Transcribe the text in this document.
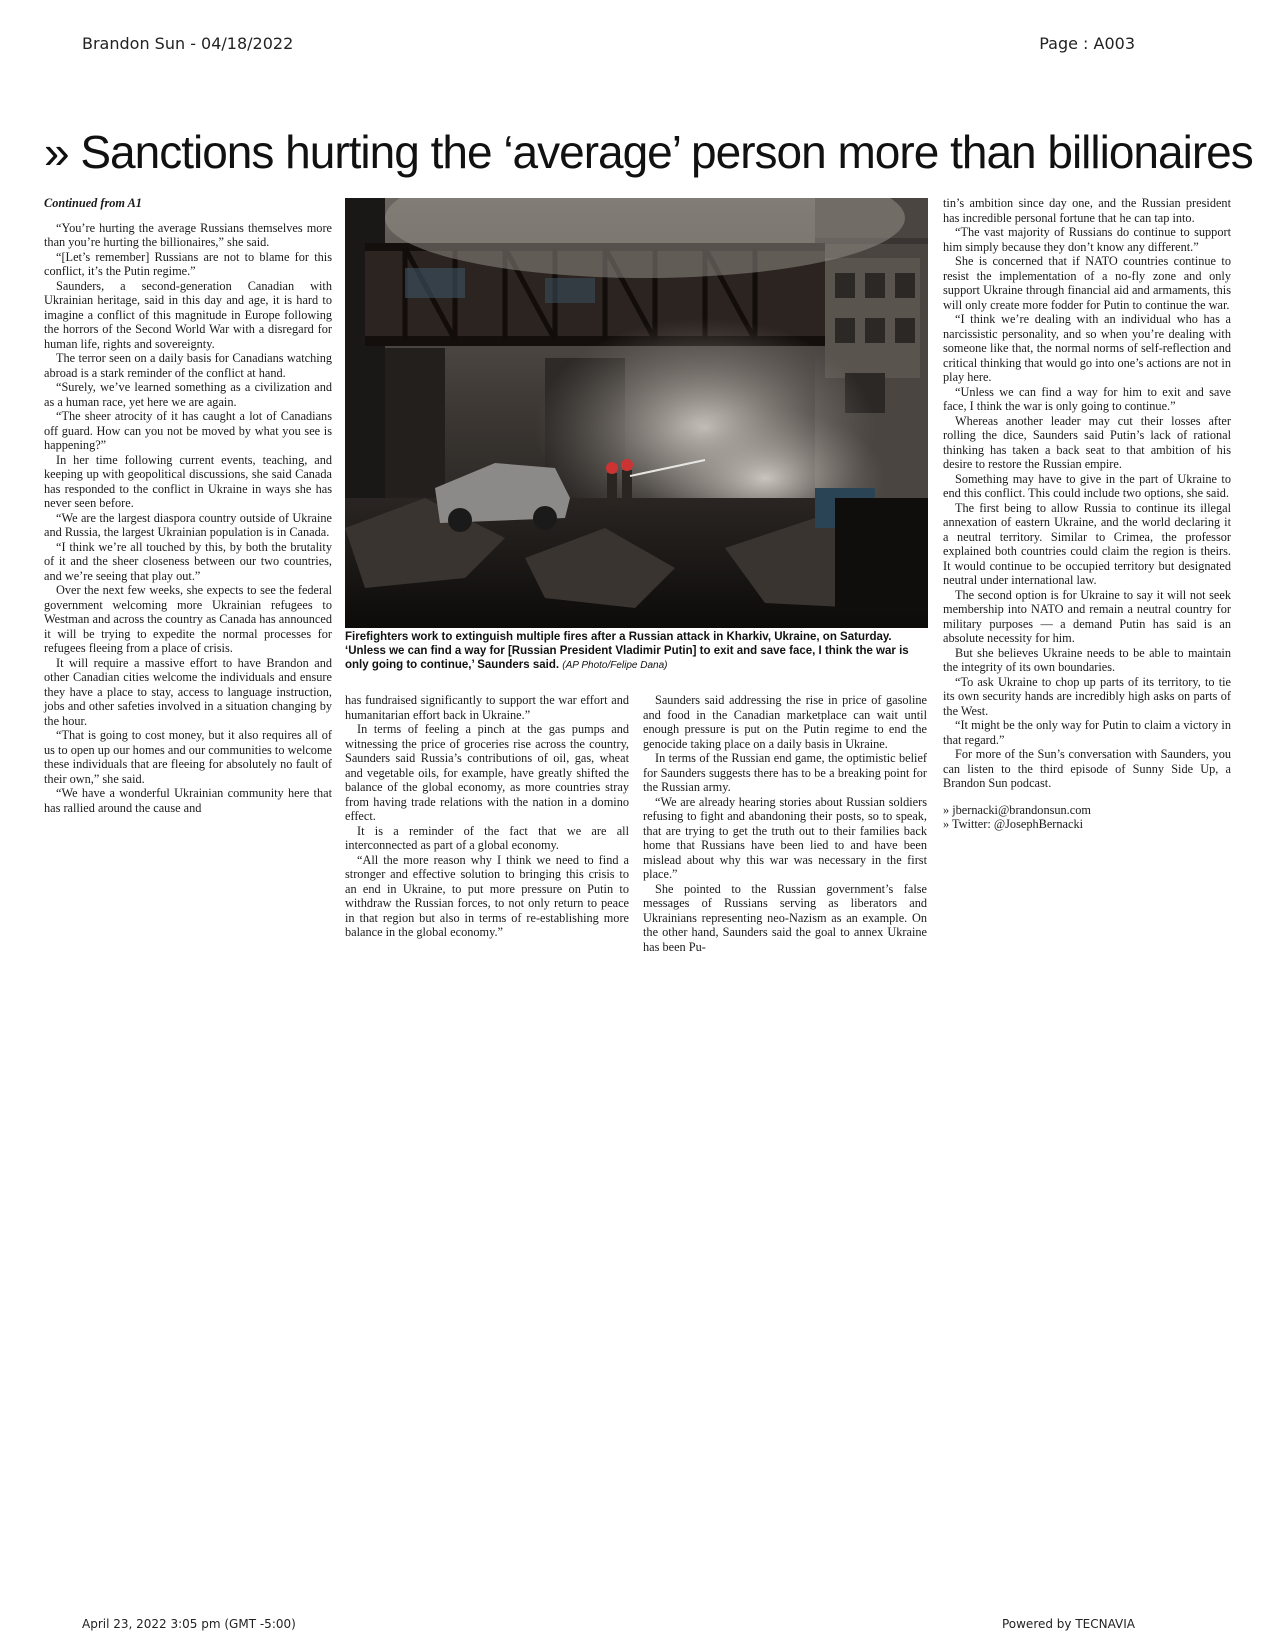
Brandon Sun - 04/18/2022	Page : A003
» Sanctions hurting the ‘average’ person more than billionaires

Continued from A1

“You’re hurting the average Russians themselves more than you’re hurting the billionaires,” she said.

“[Let’s remember] Russians are not to blame for this conflict, it’s the Putin regime.”

Saunders, a second-generation Canadian with Ukrainian heritage, said in this day and age, it is hard to imagine a conflict of this magnitude in Europe following the horrors of the Second World War with a disregard for human life, rights and sovereignty.

The terror seen on a daily basis for Canadians watching abroad is a stark reminder of the conflict at hand.

“Surely, we’ve learned something as a civilization and as a human race, yet here we are again.

“The sheer atrocity of it has caught a lot of Canadians off guard. How can you not be moved by what you see is happening?”

In her time following current events, teaching, and keeping up with geopolitical discussions, she said Canada has responded to the conflict in Ukraine in ways she has never seen before.

“We are the largest diaspora country outside of Ukraine and Russia, the largest Ukrainian population is in Canada.

“I think we’re all touched by this, by both the brutality of it and the sheer closeness between our two countries, and we’re seeing that play out.”

Over the next few weeks, she expects to see the federal government welcoming more Ukrainian refugees to Westman and across the country as Canada has announced it will be trying to expedite the normal processes for refugees fleeing from a place of crisis.

It will require a massive effort to have Brandon and other Canadian cities welcome the individuals and ensure they have a place to stay, access to language instruction, jobs and other safeties involved in a situation changing by the hour.

“That is going to cost money, but it also requires all of us to open up our homes and our communities to welcome these individuals that are fleeing for absolutely no fault of their own,” she said.

“We have a wonderful Ukrainian community here that has rallied around the cause and

Firefighters work to extinguish multiple fires after a Russian attack in Kharkiv, Ukraine, on Saturday. ‘Unless we can find a way for [Russian President Vladimir Putin] to exit and save face, I think the war is only going to continue,’ Saunders said. (AP Photo/Felipe Dana)

has fundraised significantly to support the war effort and humanitarian effort back in Ukraine.”

In terms of feeling a pinch at the gas pumps and witnessing the price of groceries rise across the country, Saunders said Russia’s contributions of oil, gas, wheat and vegetable oils, for example, have greatly shifted the balance of the global economy, as more countries stray from having trade relations with the nation in a domino effect.

It is a reminder of the fact that we are all interconnected as part of a global economy.

“All the more reason why I think we need to find a stronger and effective solution to bringing this crisis to an end in Ukraine, to put more pressure on Putin to withdraw the Russian forces, to not only return to peace in that region but also in terms of re-establishing more balance in the global economy.”

Saunders said addressing the rise in price of gasoline and food in the Canadian marketplace can wait until enough pressure is put on the Putin regime to end the genocide taking place on a daily basis in Ukraine.

In terms of the Russian end game, the optimistic belief for Saunders suggests there has to be a breaking point for the Russian army.

“We are already hearing stories about Russian soldiers refusing to fight and abandoning their posts, so to speak, that are trying to get the truth out to their families back home that Russians have been lied to and have been mislead about why this war was necessary in the first place.”

She pointed to the Russian government’s false messages of Russians serving as liberators and Ukrainians representing neo-Nazism as an example. On the other hand, Saunders said the goal to annex Ukraine has been Pu-

tin’s ambition since day one, and the Russian president has incredible personal fortune that he can tap into.

“The vast majority of Russians do continue to support him simply because they don’t know any different.”

She is concerned that if NATO countries continue to resist the implementation of a no-fly zone and only support Ukraine through financial aid and armaments, this will only create more fodder for Putin to continue the war.

“I think we’re dealing with an individual who has a narcissistic personality, and so when you’re dealing with someone like that, the normal norms of self-reflection and critical thinking that would go into one’s actions are not in play here.

“Unless we can find a way for him to exit and save face, I think the war is only going to continue.”

Whereas another leader may cut their losses after rolling the dice, Saunders said Putin’s lack of rational thinking has taken a back seat to that ambition of his desire to restore the Russian empire.

Something may have to give in the part of Ukraine to end this conflict. This could include two options, she said.

The first being to allow Russia to continue its illegal annexation of eastern Ukraine, and the world declaring it a neutral territory. Similar to Crimea, the professor explained both countries could claim the region is theirs. It would continue to be occupied territory but designated neutral under international law.

The second option is for Ukraine to say it will not seek membership into NATO and remain a neutral country for military purposes — a demand Putin has said is an absolute necessity for him.

But she believes Ukraine needs to be able to maintain the integrity of its own boundaries.

“To ask Ukraine to chop up parts of its territory, to tie its own security hands are incredibly high asks on parts of the West.

“It might be the only way for Putin to claim a victory in that regard.”

For more of the Sun’s conversation with Saunders, you can listen to the third episode of Sunny Side Up, a Brandon Sun podcast.

» jbernacki@brandonsun.com

» Twitter: @JosephBernacki

April 23, 2022 3:05 pm (GMT -5:00)	Powered by TECNAVIA
